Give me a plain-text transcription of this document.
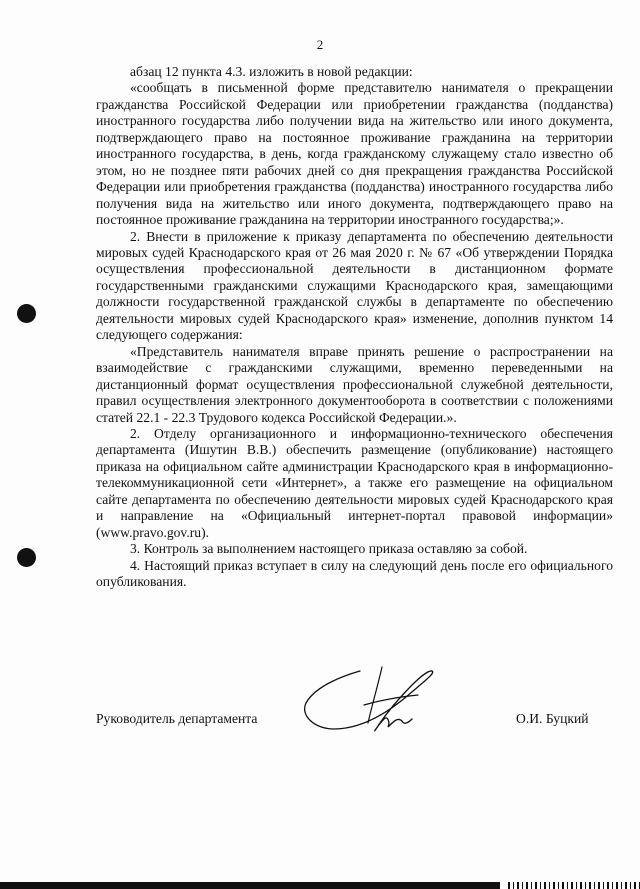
2

абзац 12 пункта 4.3. изложить в новой редакции:

«сообщать в письменной форме представителю нанимателя о прекращении гражданства Российской Федерации или приобретении гражданства (подданства) иностранного государства либо получении вида на жительство или иного документа, подтверждающего право на постоянное проживание гражданина на территории иностранного государства, в день, когда гражданскому служащему стало известно об этом, но не позднее пяти рабочих дней со дня прекращения гражданства Российской Федерации или приобретения гражданства (подданства) иностранного государства либо получения вида на жительство или иного документа, подтверждающего право на постоянное проживание гражданина на территории иностранного государства;».

2. Внести в приложение к приказу департамента по обеспечению деятельности мировых судей Краснодарского края от 26 мая 2020 г. № 67 «Об утверждении Порядка осуществления профессиональной деятельности в дистанционном формате государственными гражданскими служащими Краснодарского края, замещающими должности государственной гражданской службы в департаменте по обеспечению деятельности мировых судей Краснодарского края» изменение, дополнив пунктом 14 следующего содержания:

«Представитель нанимателя вправе принять решение о распространении на взаимодействие с гражданскими служащими, временно переведенными на дистанционный формат осуществления профессиональной служебной деятельности, правил осуществления электронного документооборота в соответствии с положениями статей 22.1 - 22.3 Трудового кодекса Российской Федерации.».

2. Отделу организационного и информационно-технического обеспечения департамента (Ишутин В.В.) обеспечить размещение (опубликование) настоящего приказа на официальном сайте администрации Краснодарского края в информационно-телекоммуникационной сети «Интернет», а также его размещение на официальном сайте департамента по обеспечению деятельности мировых судей Краснодарского края и направление на «Официальный интернет-портал правовой информации» (www.pravo.gov.ru).

3. Контроль за выполнением настоящего приказа оставляю за собой.

4. Настоящий приказ вступает в силу на следующий день после его официального опубликования.

Руководитель департамента	О.И. Буцкий
